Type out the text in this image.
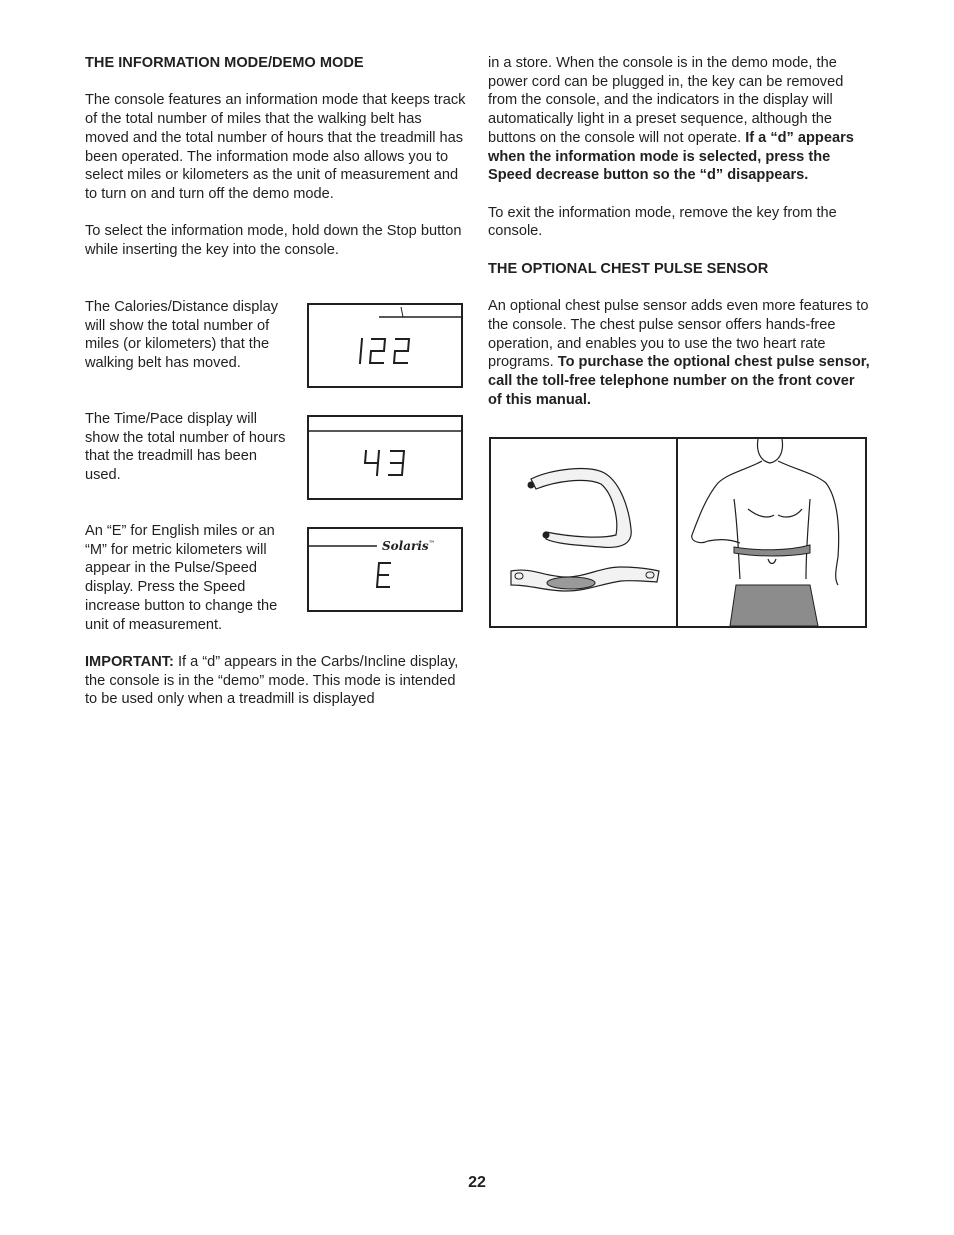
THE INFORMATION MODE/DEMO MODE

The console features an information mode that keeps track of the total number of miles that the walking belt has moved and the total number of hours that the treadmill has been operated. The information mode also allows you to select miles or kilometers as the unit of measurement and to turn on and turn off the demo mode.

To select the information mode, hold down the Stop button while inserting the key into the console.

The Calories/Distance display will show the total number of miles (or kilometers) that the walking belt has moved.

The Time/Pace display will show the total number of hours that the treadmill has been used.

An “E” for English miles or an “M” for metric kilometers will appear in the Pulse/Speed display. Press the Speed increase button to change the unit of measurement.

IMPORTANT: If a “d” appears in the Carbs/Incline display, the console is in the “demo” mode. This mode is intended to be used only when a treadmill is displayed

Solaris™

in a store. When the console is in the demo mode, the power cord can be plugged in, the key can be removed from the console, and the indicators in the display will automatically light in a preset sequence, although the buttons on the console will not operate. If a “d” appears when the information mode is selected, press the Speed decrease button so the “d” disappears.

To exit the information mode, remove the key from the console.

THE OPTIONAL CHEST PULSE SENSOR

An optional chest pulse sensor adds even more features to the console. The chest pulse sensor offers hands-free operation, and enables you to use the two heart rate programs. To purchase the optional chest pulse sensor, call the toll-free telephone number on the front cover of this manual.

22
